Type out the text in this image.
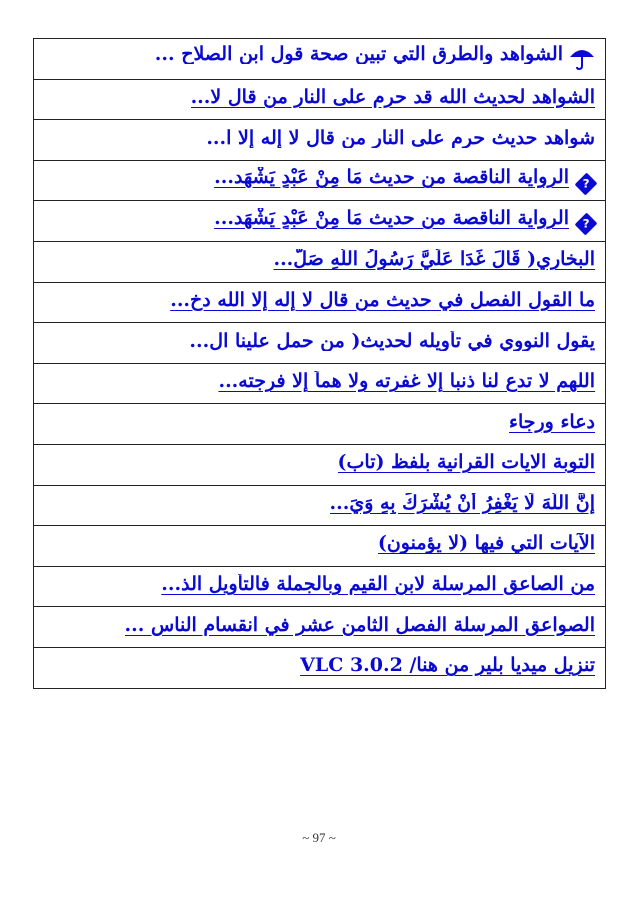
الشواهد والطرق التي تبين صحة قول ابن الصلاح ...
الشواهد لحديث الله قد حرم على النار من قال لا...
شواهد حديث حرم على النار من قال لا إله إلا ا...
?الرواية الناقصة من حديث مَا مِنْ عَبْدٍ يَشْهَد...
?الرواية الناقصة من حديث مَا مِنْ عَبْدٍ يَشْهَد...
البخاري( قَالَ غَدَا عَلَيَّ رَسُولُ اللَّهِ صَلَّ...
ما القول الفصل في حديث من قال لا إله إلا الله دخ...
يقول النووي في تأويله لحديث( من حمل علينا ال...
اللهم لا تدع لنا ذنبا إلا غفرته ولا هماً إلا فرجته...
دعاء ورجاء
التوبة الايات القرانية بلفظ (تاب)
إِنَّ اللَّهَ لَا يَغْفِرُ أَنْ يُشْرَكَ بِهِ وَيَ...
الآيات التي فيها (لا يؤمنون)
من الصاعق المرسلة لابن القيم وبالجملة فالتأويل الذ...
الصواعق المرسلة الفصل الثامن عشر في انقسام الناس ...
تنزيل ميديا بلير من هنا/ VLC 3.0.2
~ 97 ~
